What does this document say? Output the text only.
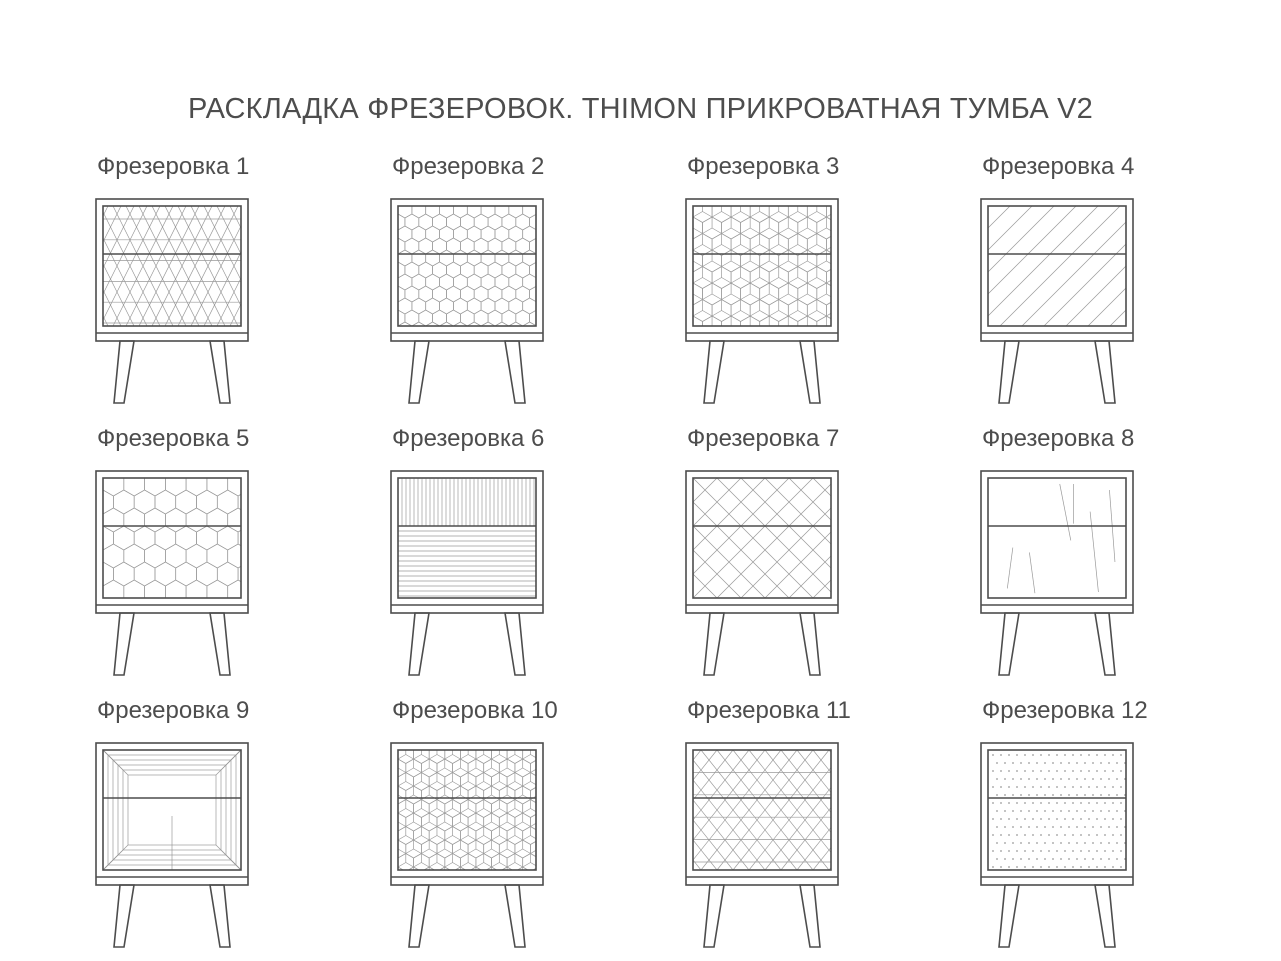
РАСКЛАДКА ФРЕЗЕРОВОК. THIMON ПРИКРОВАТНАЯ ТУМБА V2
Фрезеровка 1	Фрезеровка 2	Фрезеровка 3	Фрезеровка 4
Фрезеровка 5	Фрезеровка 6	Фрезеровка 7	Фрезеровка 8
Фрезеровка 9	Фрезеровка 10	Фрезеровка 11	Фрезеровка 12
